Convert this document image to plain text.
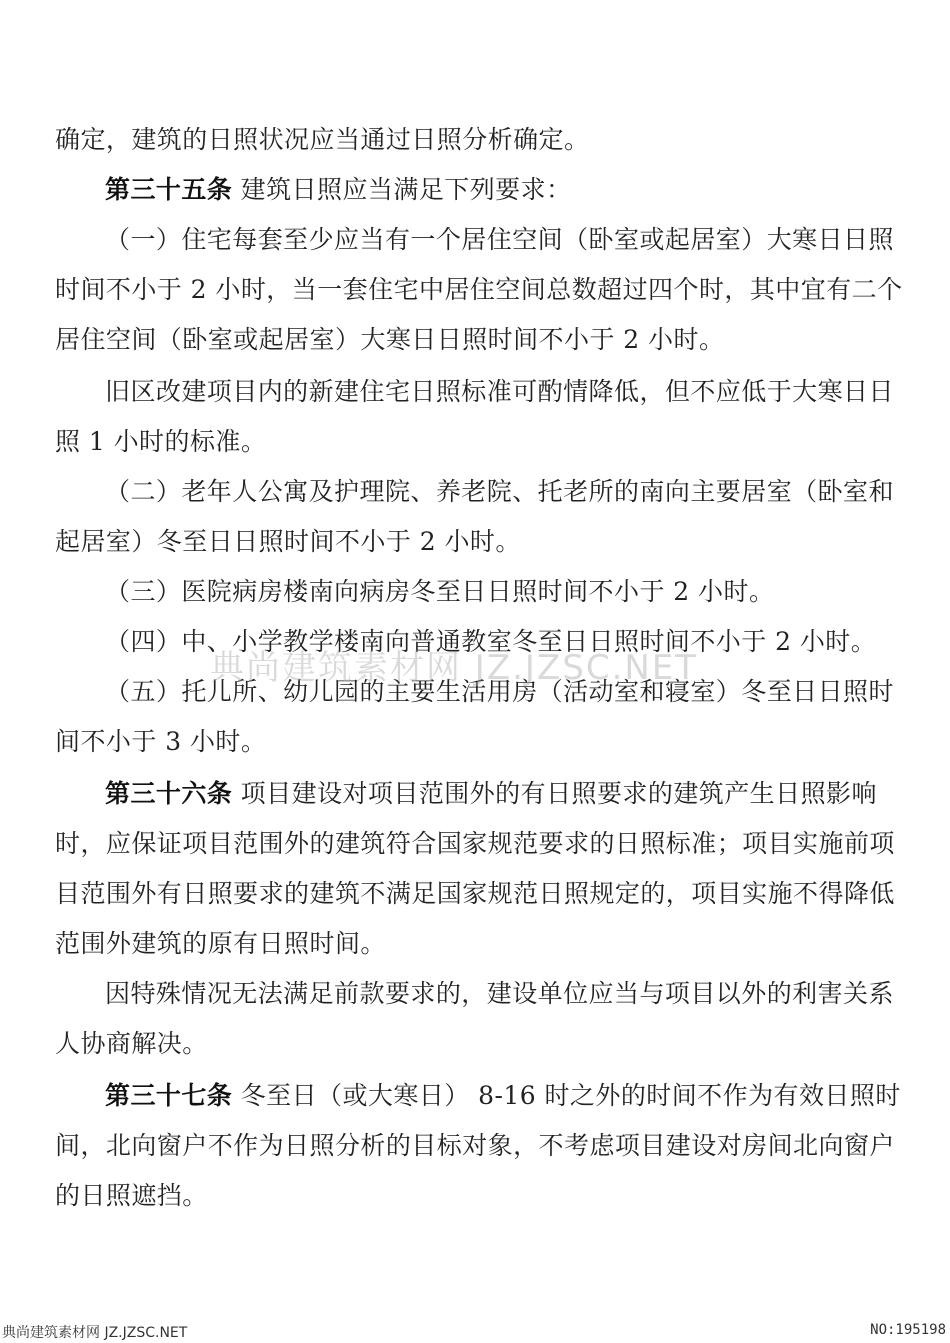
确定，建筑的日照状况应当通过日照分析确定。
第三十五条 建筑日照应当满足下列要求：
（一）住宅每套至少应当有一个居住空间（卧室或起居室）大寒日日照
时间不小于 2 小时，当一套住宅中居住空间总数超过四个时，其中宜有二个
居住空间（卧室或起居室）大寒日日照时间不小于 2 小时。
旧区改建项目内的新建住宅日照标准可酌情降低，但不应低于大寒日日
照 1 小时的标准。
（二）老年人公寓及护理院、养老院、托老所的南向主要居室（卧室和
起居室）冬至日日照时间不小于 2 小时。
（三）医院病房楼南向病房冬至日日照时间不小于 2 小时。
（四）中、小学教学楼南向普通教室冬至日日照时间不小于 2 小时。
（五）托儿所、幼儿园的主要生活用房（活动室和寝室）冬至日日照时
间不小于 3 小时。
第三十六条 项目建设对项目范围外的有日照要求的建筑产生日照影响
时，应保证项目范围外的建筑符合国家规范要求的日照标准；项目实施前项
目范围外有日照要求的建筑不满足国家规范日照规定的，项目实施不得降低
范围外建筑的原有日照时间。
因特殊情况无法满足前款要求的，建设单位应当与项目以外的利害关系
人协商解决。
第三十七条 冬至日（或大寒日） 8-16 时之外的时间不作为有效日照时
间，北向窗户不作为日照分析的目标对象，不考虑项目建设对房间北向窗户
的日照遮挡。
典尚建筑素材网 JZ.JZSC.NET
典尚建筑素材网 JZ.JZSC.NET	NO:195198
